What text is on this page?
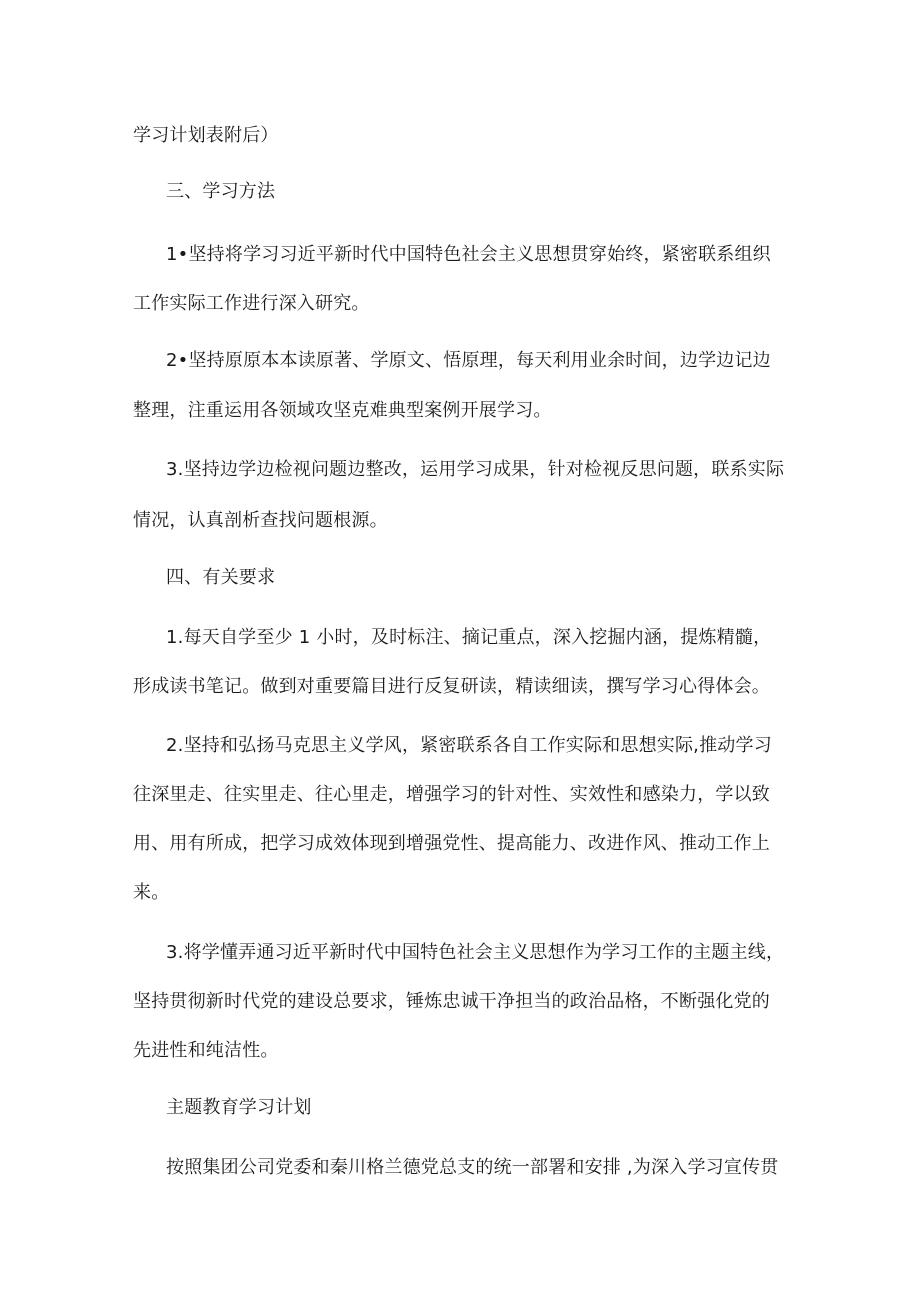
学习计划表附后）
三、学习方法
1•坚持将学习习近平新时代中国特色社会主义思想贯穿始终，紧密联系组织
工作实际工作进行深入研究。
2•坚持原原本本读原著、学原文、悟原理，每天利用业余时间，边学边记边
整理，注重运用各领域攻坚克难典型案例开展学习。
3.坚持边学边检视问题边整改，运用学习成果，针对检视反思问题，联系实际
情况，认真剖析查找问题根源。
四、有关要求
1.每天自学至少 1 小时，及时标注、摘记重点，深入挖掘内涵，提炼精髓，
形成读书笔记。做到对重要篇目进行反复研读，精读细读，撰写学习心得体会。
2.坚持和弘扬马克思主义学风，紧密联系各自工作实际和思想实际,推动学习
往深里走、往实里走、往心里走，增强学习的针对性、实效性和感染力，学以致
用、用有所成，把学习成效体现到增强党性、提高能力、改进作风、推动工作上
来。
3.将学懂弄通习近平新时代中国特色社会主义思想作为学习工作的主题主线，
坚持贯彻新时代党的建设总要求，锤炼忠诚干净担当的政治品格，不断强化党的
先进性和纯洁性。
主题教育学习计划
按照集团公司党委和秦川格兰德党总支的统一部署和安排 ,为深入学习宣传贯
